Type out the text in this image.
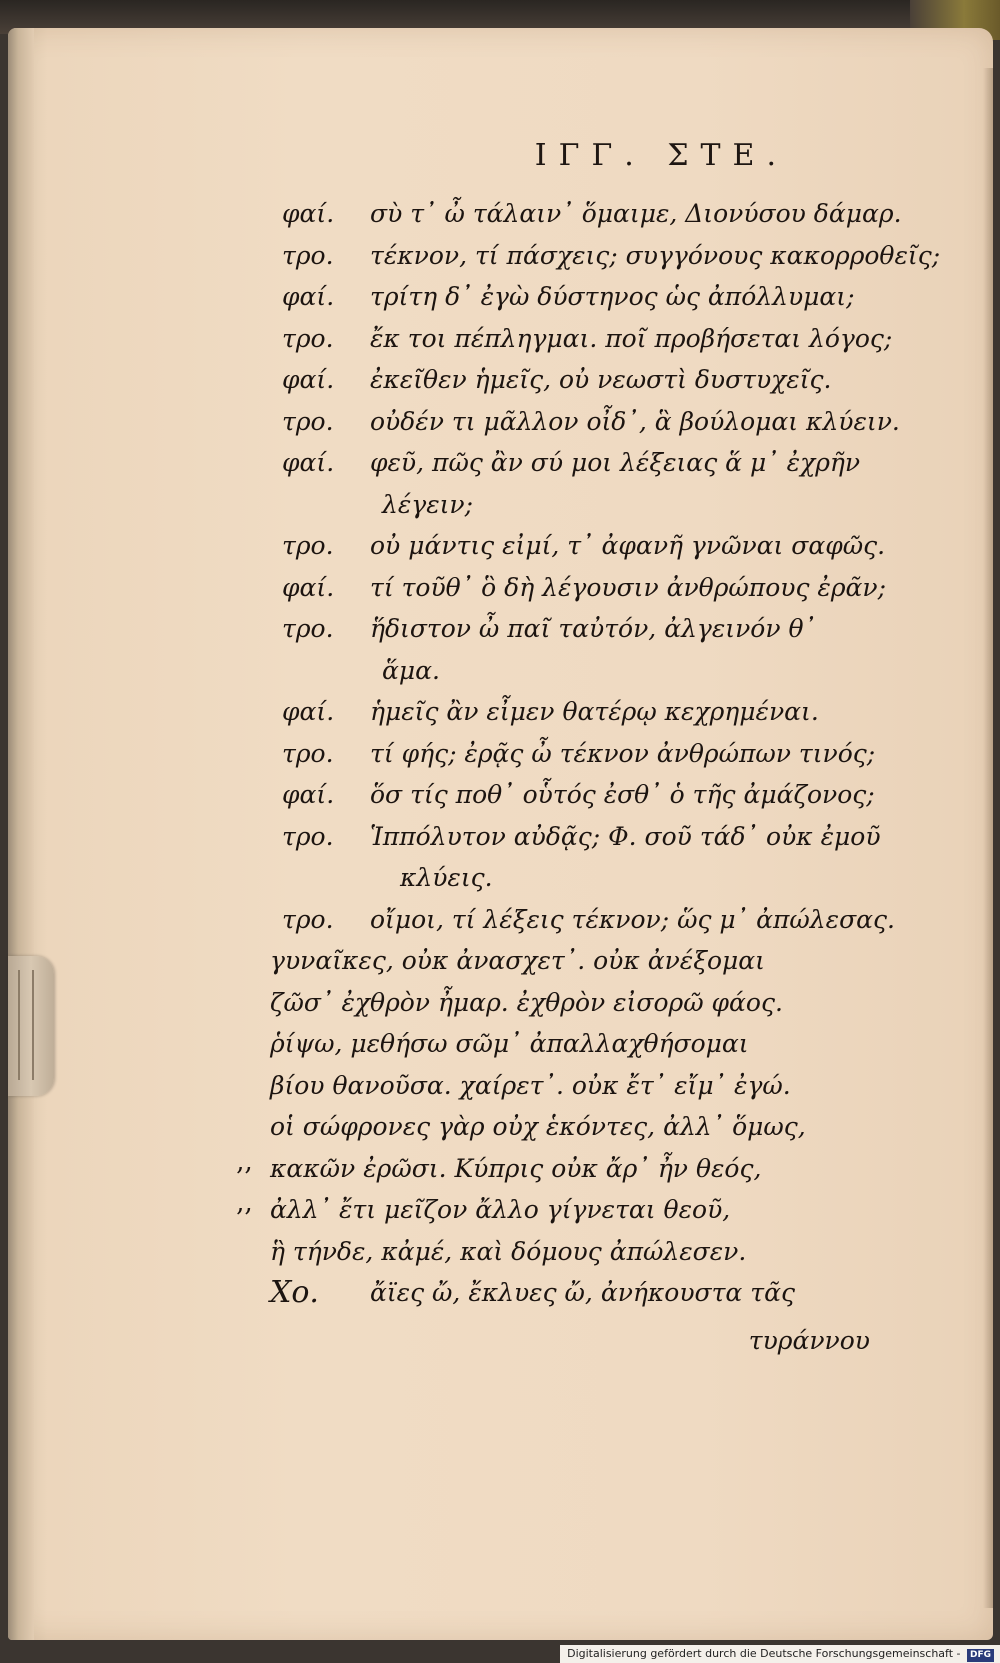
ΙΓΓ. ΣΤΕ.
φαί.	σὺ τ᾽ ὦ τάλαιν᾽ ὅμαιμε, Διονύσου δάμαρ.
τρο.	τέκνον, τί πάσχεις; συγγόνους κακορροθεῖς;
φαί.	τρίτη δ᾽ ἐγὼ δύστηνος ὡς ἀπόλλυμαι;
τρο.	ἔκ τοι πέπληγμαι. ποῖ προβήσεται λόγος;
φαί.	ἐκεῖθεν ἡμεῖς, οὐ νεωστὶ δυστυχεῖς.
τρο.	οὐδέν τι μᾶλλον οἶδ᾽, ἃ βούλομαι κλύειν.
φαί.	φεῦ, πῶς ἂν σύ μοι λέξειας ἅ μ᾽ ἐχρῆν
λέγειν;
τρο.	οὐ μάντις εἰμί, τ᾽ ἀφανῆ γνῶναι σαφῶς.
φαί.	τί τοῦθ᾽ ὃ δὴ λέγουσιν ἀνθρώπους ἐρᾶν;
τρο.	ἥδιστον ὦ παῖ ταὐτόν, ἀλγεινόν θ᾽
ἅμα.
φαί.	ἡμεῖς ἂν εἶμεν θατέρῳ κεχρημέναι.
τρο.	τί φής; ἐρᾷς ὦ τέκνον ἀνθρώπων τινός;
φαί.	ὅσ τίς ποθ᾽ οὗτός ἐσθ᾽ ὁ τῆς ἀμάζονος;
τρο.	Ἱππόλυτον αὐδᾷς; Φ. σοῦ τάδ᾽ οὐκ ἐμοῦ
κλύεις.
τρο.	οἴμοι, τί λέξεις τέκνον; ὥς μ᾽ ἀπώλεσας.
γυναῖκες, οὐκ ἀνασχετ᾽. οὐκ ἀνέξομαι
ζῶσ᾽ ἐχθρὸν ἦμαρ. ἐχθρὸν εἰσορῶ φάος.
ῥίψω, μεθήσω σῶμ᾽ ἀπαλλαχθήσομαι
βίου θανοῦσα. χαίρετ᾽. οὐκ ἔτ᾽ εἴμ᾽ ἐγώ.
οἱ σώφρονες γὰρ οὐχ ἑκόντες, ἀλλ᾽ ὅμως,
‚‚ κακῶν ἐρῶσι. Κύπρις οὐκ ἄρ᾽ ἦν θεός,
‚‚ ἀλλ᾽ ἔτι μεῖζον ἄλλο γίγνεται θεοῦ,
ἣ τήνδε, κἀμέ, καὶ δόμους ἀπώλεσεν.
Χο.	ἄϊες ὤ, ἔκλυες ὤ, ἀνήκουστα τᾶς
τυράννου
Digitalisierung gefördert durch die Deutsche Forschungsgemeinschaft - DFG
